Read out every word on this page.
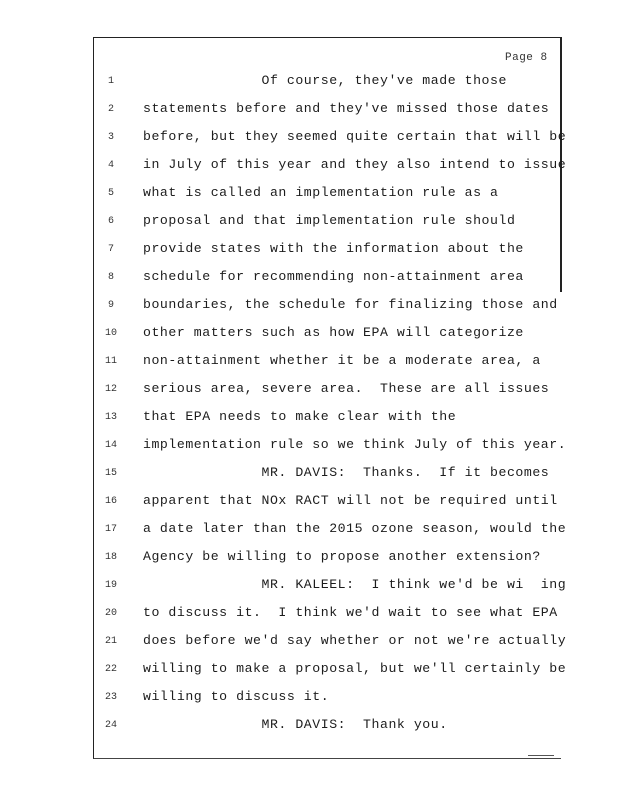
Page 8
1	Of course, they've made those
2	statements before and they've missed those dates
3	before, but they seemed quite certain that will be
4	in July of this year and they also intend to issue
5	what is called an implementation rule as a
6	proposal and that implementation rule should
7	provide states with the information about the
8	schedule for recommending non-attainment area
9	boundaries, the schedule for finalizing those and
10	other matters such as how EPA will categorize
11	non-attainment whether it be a moderate area, a
12	serious area, severe area.  These are all issues
13	that EPA needs to make clear with the
14	implementation rule so we think July of this year.
15	MR. DAVIS:  Thanks.  If it becomes
16	apparent that NOx RACT will not be required until
17	a date later than the 2015 ozone season, would the
18	Agency be willing to propose another extension?
19	MR. KALEEL:  I think we'd be wi  ing
20	to discuss it.  I think we'd wait to see what EPA
21	does before we'd say whether or not we're actually
22	willing to make a proposal, but we'll certainly be
23	willing to discuss it.
24	MR. DAVIS:  Thank you.
